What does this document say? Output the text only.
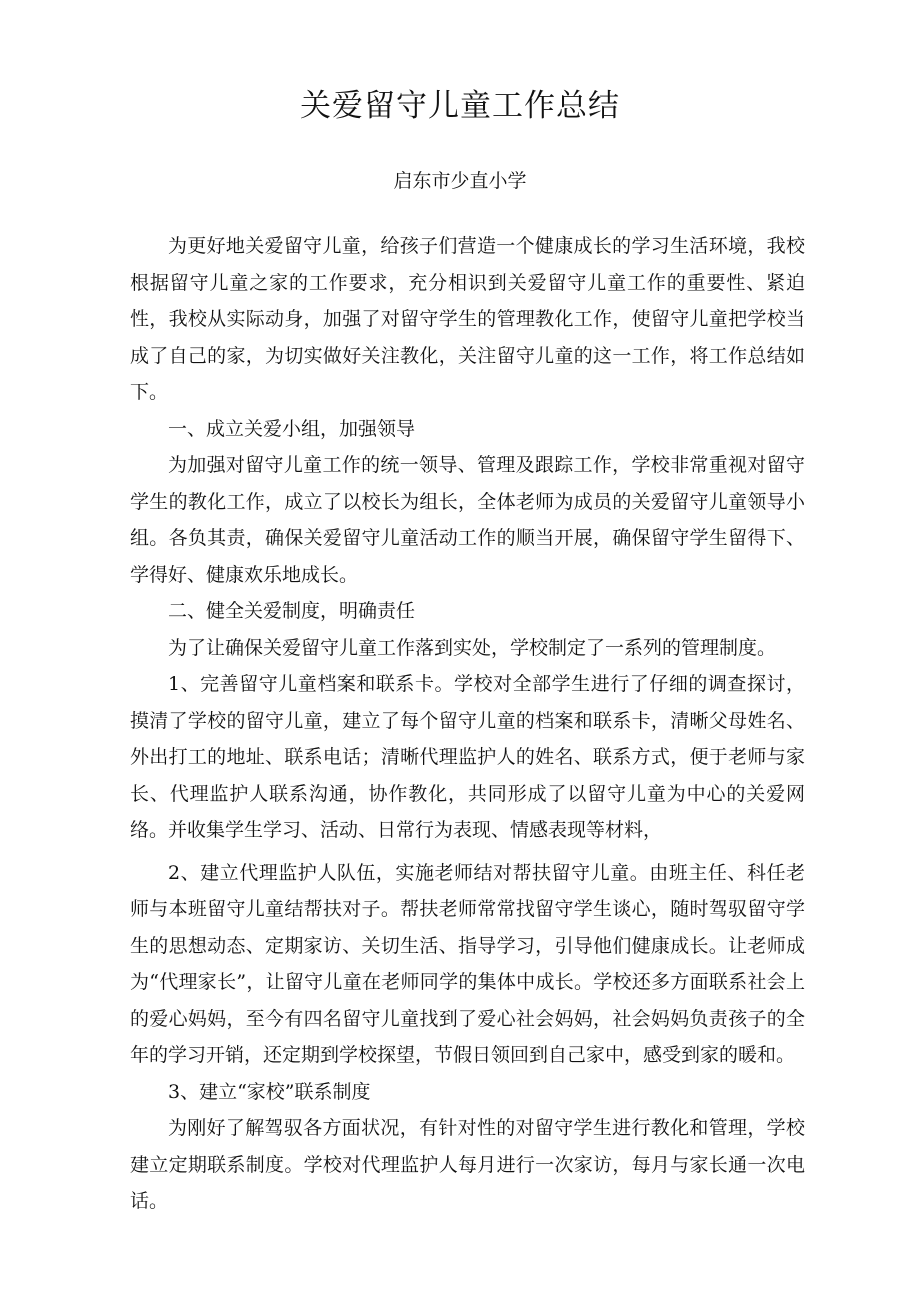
关爱留守儿童工作总结
启东市少直小学

为更好地关爱留守儿童，给孩子们营造一个健康成长的学习生活环境，我校根据留守儿童之家的工作要求，充分相识到关爱留守儿童工作的重要性、紧迫性，我校从实际动身，加强了对留守学生的管理教化工作，使留守儿童把学校当成了自己的家，为切实做好关注教化，关注留守儿童的这一工作，将工作总结如下。

一、成立关爱小组，加强领导

为加强对留守儿童工作的统一领导、管理及跟踪工作，学校非常重视对留守学生的教化工作，成立了以校长为组长，全体老师为成员的关爱留守儿童领导小组。各负其责，确保关爱留守儿童活动工作的顺当开展，确保留守学生留得下、学得好、健康欢乐地成长。

二、健全关爱制度，明确责任

为了让确保关爱留守儿童工作落到实处，学校制定了一系列的管理制度。

1、完善留守儿童档案和联系卡。学校对全部学生进行了仔细的调查探讨，摸清了学校的留守儿童，建立了每个留守儿童的档案和联系卡，清晰父母姓名、外出打工的地址、联系电话；清晰代理监护人的姓名、联系方式，便于老师与家长、代理监护人联系沟通，协作教化，共同形成了以留守儿童为中心的关爱网络。并收集学生学习、活动、日常行为表现、情感表现等材料，

2、建立代理监护人队伍，实施老师结对帮扶留守儿童。由班主任、科任老师与本班留守儿童结帮扶对子。帮扶老师常常找留守学生谈心，随时驾驭留守学生的思想动态、定期家访、关切生活、指导学习，引导他们健康成长。让老师成为“代理家长”，让留守儿童在老师同学的集体中成长。学校还多方面联系社会上的爱心妈妈，至今有四名留守儿童找到了爱心社会妈妈，社会妈妈负责孩子的全年的学习开销，还定期到学校探望，节假日领回到自己家中，感受到家的暖和。

3、建立“家校”联系制度

为刚好了解驾驭各方面状况，有针对性的对留守学生进行教化和管理，学校建立定期联系制度。学校对代理监护人每月进行一次家访，每月与家长通一次电话。
